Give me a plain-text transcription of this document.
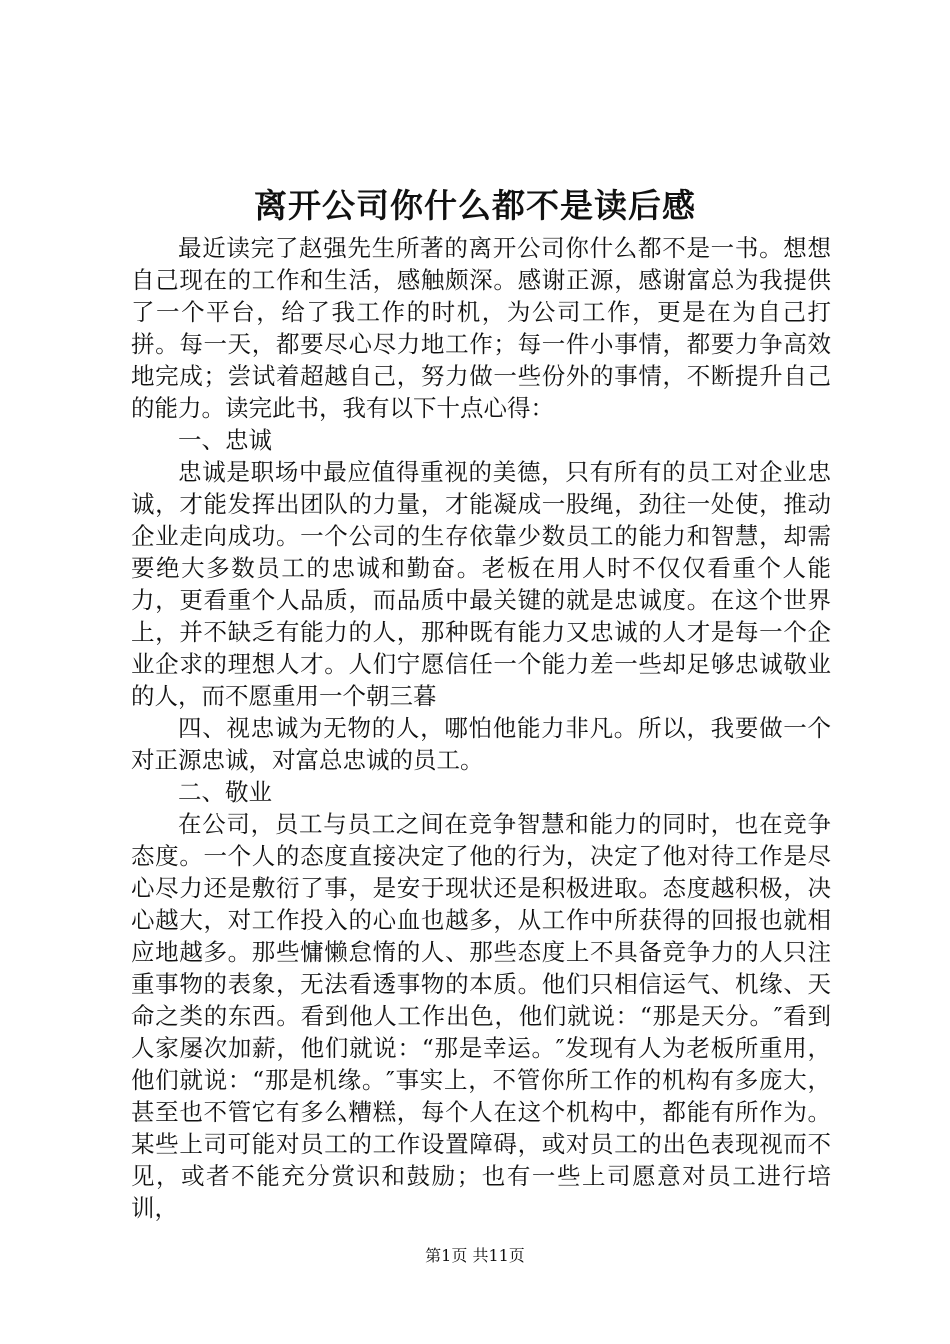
离开公司你什么都不是读后感

最近读完了赵强先生所著的离开公司你什么都不是一书。想想自己现在的工作和生活，感触颇深。感谢正源，感谢富总为我提供了一个平台，给了我工作的时机，为公司工作，更是在为自己打拼。每一天，都要尽心尽力地工作；每一件小事情，都要力争高效地完成；尝试着超越自己，努力做一些份外的事情，不断提升自己的能力。读完此书，我有以下十点心得：

一、忠诚

忠诚是职场中最应值得重视的美德，只有所有的员工对企业忠诚，才能发挥出团队的力量，才能凝成一股绳，劲往一处使，推动企业走向成功。一个公司的生存依靠少数员工的能力和智慧，却需要绝大多数员工的忠诚和勤奋。老板在用人时不仅仅看重个人能力，更看重个人品质，而品质中最关键的就是忠诚度。在这个世界上，并不缺乏有能力的人，那种既有能力又忠诚的人才是每一个企业企求的理想人才。人们宁愿信任一个能力差一些却足够忠诚敬业的人，而不愿重用一个朝三暮

四、视忠诚为无物的人，哪怕他能力非凡。所以，我要做一个对正源忠诚，对富总忠诚的员工。

二、敬业

在公司，员工与员工之间在竞争智慧和能力的同时，也在竞争态度。一个人的态度直接决定了他的行为，决定了他对待工作是尽心尽力还是敷衍了事，是安于现状还是积极进取。态度越积极，决心越大，对工作投入的心血也越多，从工作中所获得的回报也就相应地越多。那些慵懒怠惰的人、那些态度上不具备竞争力的人只注重事物的表象，无法看透事物的本质。他们只相信运气、机缘、天命之类的东西。看到他人工作出色，他们就说：“那是天分。″看到人家屡次加薪，他们就说：“那是幸运。″发现有人为老板所重用，他们就说：“那是机缘。″事实上，不管你所工作的机构有多庞大，甚至也不管它有多么糟糕，每个人在这个机构中，都能有所作为。某些上司可能对员工的工作设置障碍，或对员工的出色表现视而不见，或者不能充分赏识和鼓励；也有一些上司愿意对员工进行培训，

第1页 共11页
